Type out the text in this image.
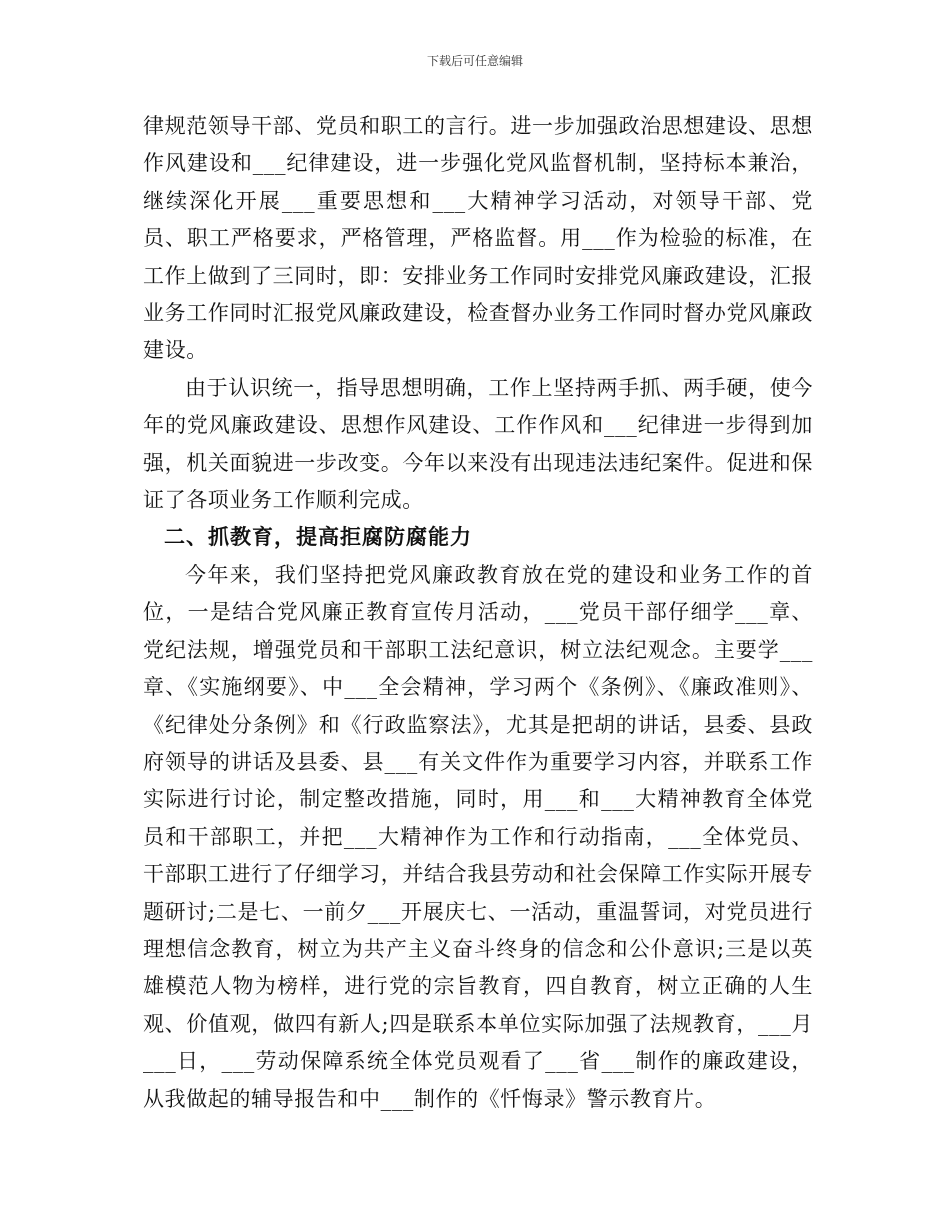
下载后可任意编辑

律规范领导干部、党员和职工的言行。进一步加强政治思想建设、思想作风建设和___纪律建设，进一步强化党风监督机制，坚持标本兼治，继续深化开展___重要思想和___大精神学习活动，对领导干部、党员、职工严格要求，严格管理，严格监督。用___作为检验的标准，在工作上做到了三同时，即：安排业务工作同时安排党风廉政建设，汇报业务工作同时汇报党风廉政建设，检查督办业务工作同时督办党风廉政建设。

由于认识统一，指导思想明确，工作上坚持两手抓、两手硬，使今年的党风廉政建设、思想作风建设、工作作风和___纪律进一步得到加强，机关面貌进一步改变。今年以来没有出现违法违纪案件。促进和保证了各项业务工作顺利完成。

二、抓教育，提高拒腐防腐能力

今年来，我们坚持把党风廉政教育放在党的建设和业务工作的首位，一是结合党风廉正教育宣传月活动，___党员干部仔细学___章、党纪法规，增强党员和干部职工法纪意识，树立法纪观念。主要学___章、《实施纲要》、中___全会精神，学习两个《条例》、《廉政准则》、《纪律处分条例》和《行政监察法》，尤其是把胡的讲话，县委、县政府领导的讲话及县委、县___有关文件作为重要学习内容，并联系工作实际进行讨论，制定整改措施，同时，用___和___大精神教育全体党员和干部职工，并把___大精神作为工作和行动指南，___全体党员、干部职工进行了仔细学习，并结合我县劳动和社会保障工作实际开展专题研讨;二是七、一前夕___开展庆七、一活动，重温誓词，对党员进行理想信念教育，树立为共产主义奋斗终身的信念和公仆意识;三是以英雄模范人物为榜样，进行党的宗旨教育，四自教育，树立正确的人生观、价值观，做四有新人;四是联系本单位实际加强了法规教育，___月___日，___劳动保障系统全体党员观看了___省___制作的廉政建设，从我做起的辅导报告和中___制作的《忏悔录》警示教育片。
